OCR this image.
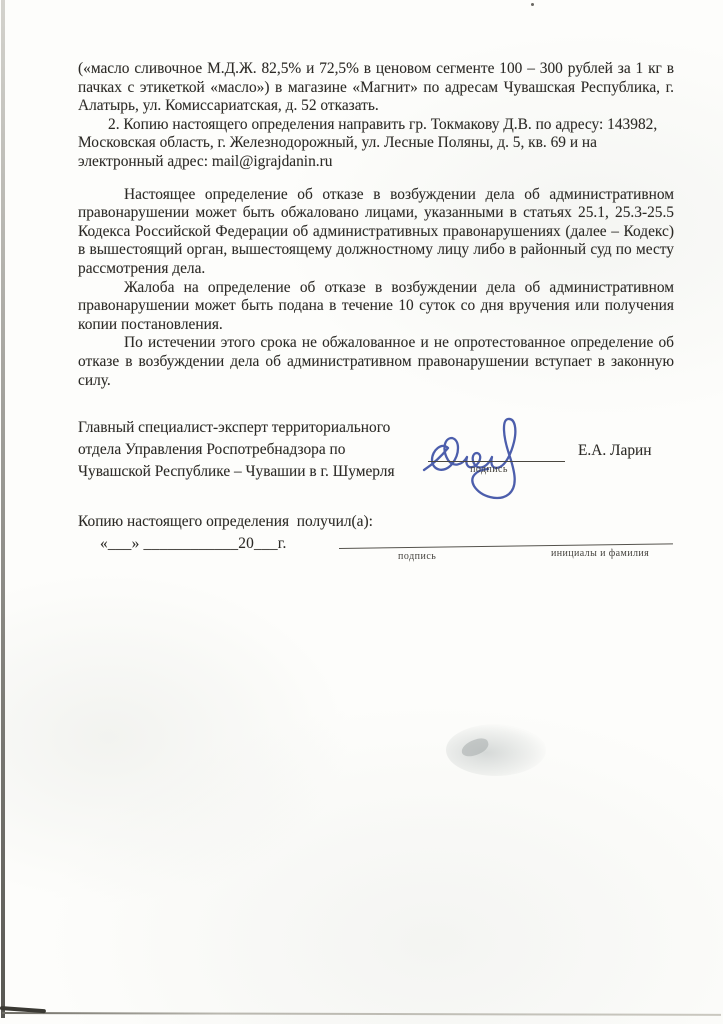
(«масло сливочное М.Д.Ж. 82,5% и 72,5% в ценовом сегменте 100 – 300 рублей за 1 кг в пачках с этикеткой «масло») в магазине «Магнит» по адресам Чувашская Республика, г. Алатырь, ул. Комиссариатская, д. 52 отказать.

2. Копию настоящего определения направить гр. Токмакову Д.В. по адресу: 143982, Московская область, г. Железнодорожный, ул. Лесные Поляны, д. 5, кв. 69 и на электронный адрес: mail@igrajdanin.ru

Настоящее определение об отказе в возбуждении дела об административном правонарушении может быть обжаловано лицами, указанными в статьях 25.1, 25.3-25.5 Кодекса Российской Федерации об административных правонарушениях (далее – Кодекс) в вышестоящий орган, вышестоящему должностному лицу либо в районный суд по месту рассмотрения дела.

Жалоба на определение об отказе в возбуждении дела об административном правонарушении может быть подана в течение 10 суток со дня вручения или получения копии постановления.

По истечении этого срока не обжалованное и не опротестованное определение об отказе в возбуждении дела об административном правонарушении вступает в законную силу.

Главный специалист-эксперт территориального
отдела Управления Роспотребнадзора по
Чувашской Республике – Чувашии в г. Шумерля	подпись
Е.А. Ларин
Копию настоящего определения  получил(а):
«___» ____________20___г.
подпись	инициалы и фамилия
